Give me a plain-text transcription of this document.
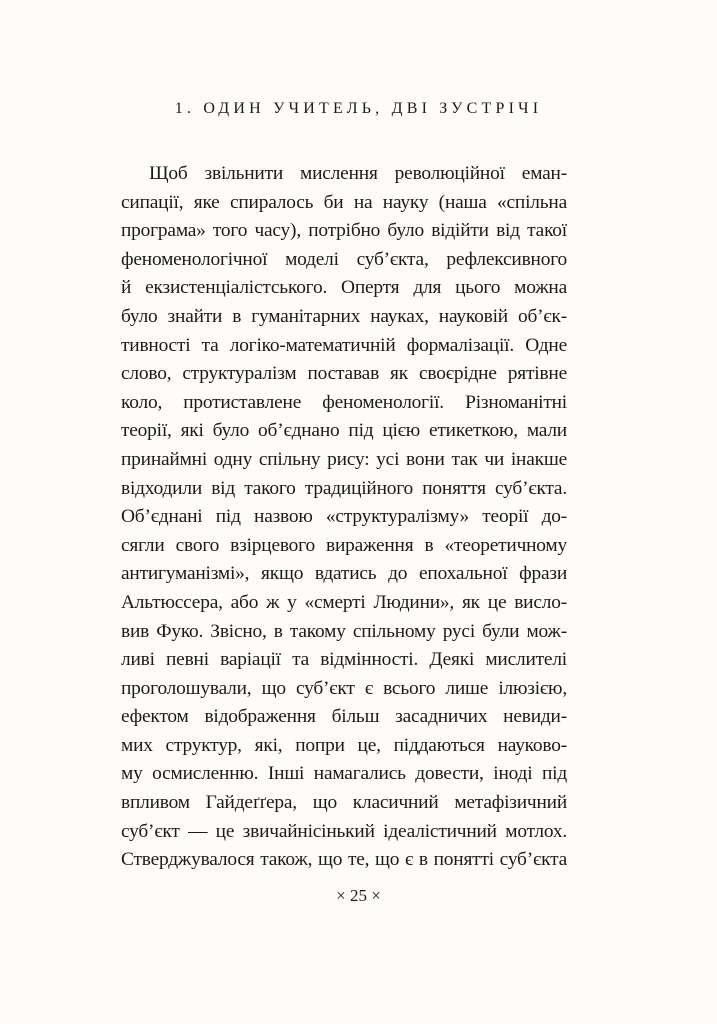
1. ОДИН УЧИТЕЛЬ, ДВІ ЗУСТРІЧІ
Щоб звільнити мислення революційної еман-
сипації, яке спиралось би на науку (наша «спільна
програма» того часу), потрібно було відійти від такої
феноменологічної моделі суб’єкта, рефлексивного
й екзистенціалістського. Опертя для цього можна
було знайти в гуманітарних науках, науковій об’єк-
тивності та логіко-математичній формалізації. Одне
слово, структуралізм поставав як своєрідне рятівне
коло, протиставлене феноменології. Різноманітні
теорії, які було об’єднано під цією етикеткою, мали
принаймні одну спільну рису: усі вони так чи інакше
відходили від такого традиційного поняття суб’єкта.
Об’єднані під назвою «структуралізму» теорії до-
сягли свого взірцевого вираження в «теоретичному
антигуманізмі», якщо вдатись до епохальної фрази
Альтюссера, або ж у «смерті Людини», як це вислo-
вив Фуко. Звісно, в такому спільному русі були мож-
ливі певні варіації та відмінності. Деякі мислителі
проголошували, що суб’єкт є всього лише ілюзією,
ефектом відображення більш засадничих невиди-
мих структур, які, попри це, піддаються науково-
му осмисленню. Інші намагались довести, іноді під
впливом Гайдеґґера, що класичний метафізичний
суб’єкт — це звичайнісінький ідеалістичний мотлох.
Стверджувалося також, що те, що є в понятті суб’єкта
× 25 ×
